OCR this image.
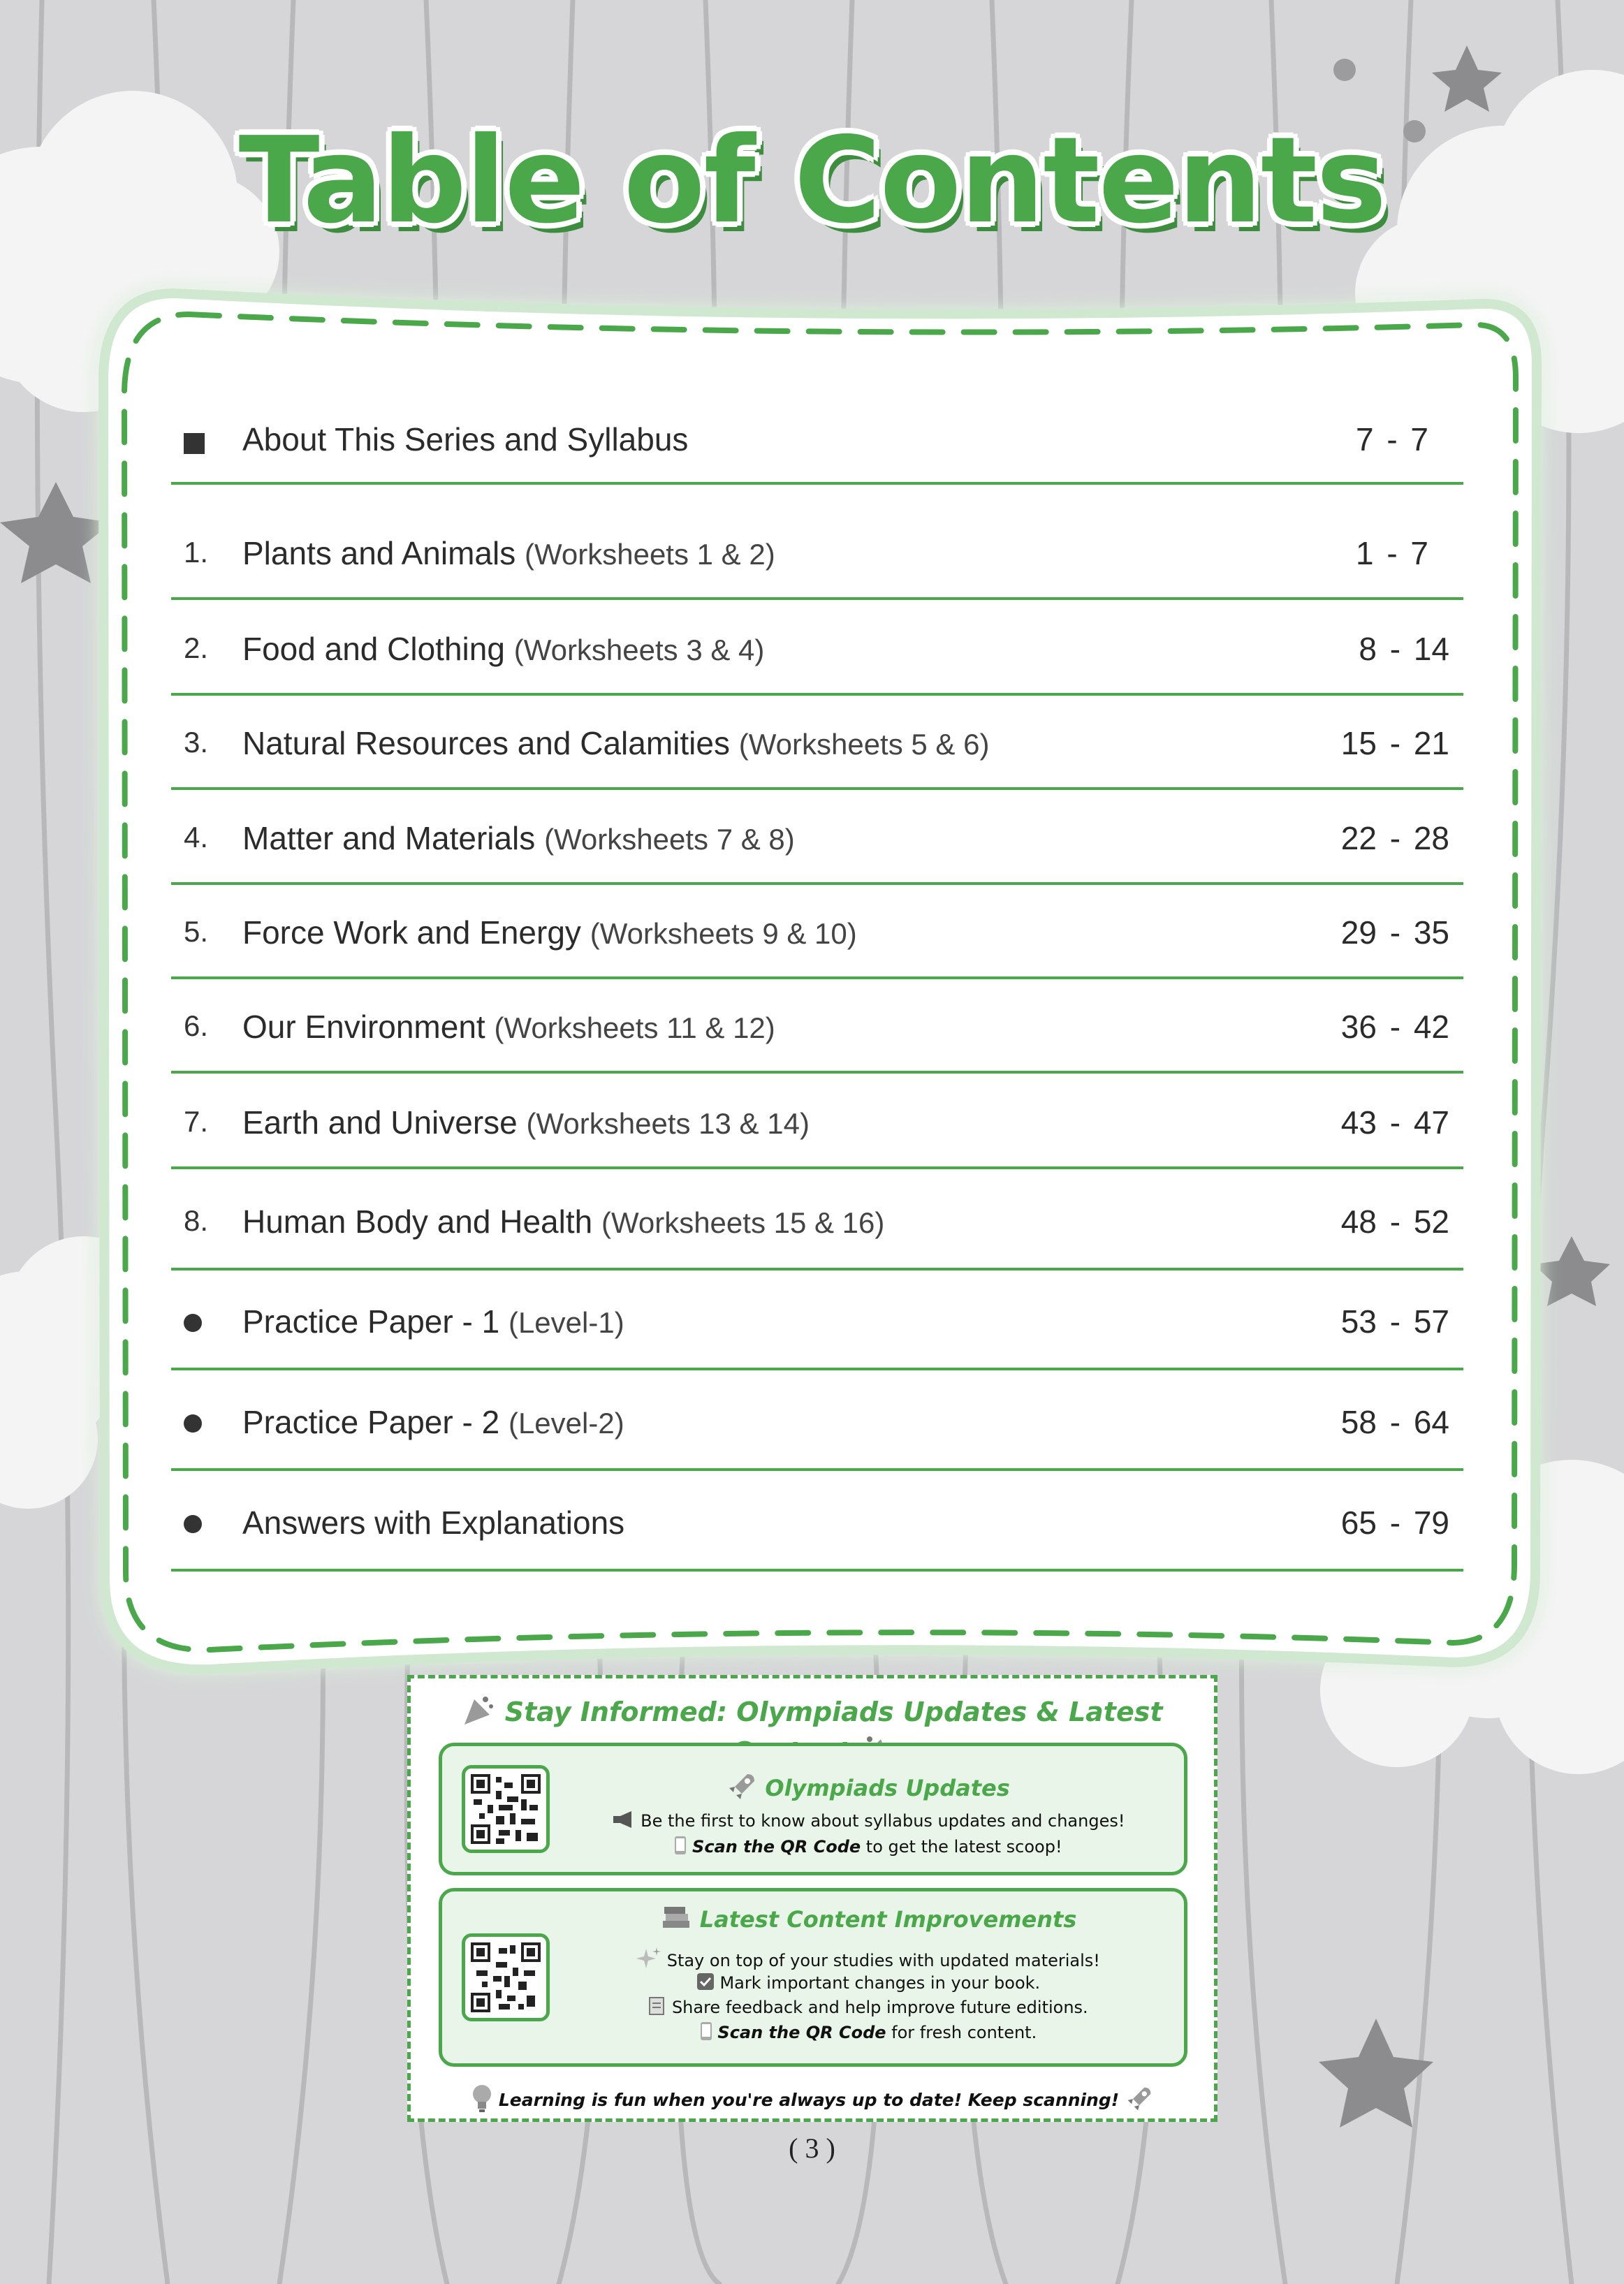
Table of Contents
About This Series and Syllabus	7 - 7
1. Plants and Animals (Worksheets 1 & 2)	1 - 7
2. Food and Clothing (Worksheets 3 & 4)	8 - 14
3. Natural Resources and Calamities (Worksheets 5 & 6)	15 - 21
4. Matter and Materials (Worksheets 7 & 8)	22 - 28
5. Force Work and Energy (Worksheets 9 & 10)	29 - 35
6. Our Environment (Worksheets 11 & 12)	36 - 42
7. Earth and Universe (Worksheets 13 & 14)	43 - 47
8. Human Body and Health (Worksheets 15 & 16)	48 - 52
Practice Paper - 1 (Level-1)	53 - 57
Practice Paper - 2 (Level-2)	58 - 64
Answers with Explanations	65 - 79
Stay Informed: Olympiads Updates & Latest
Olympiads Updates
Be the first to know about syllabus updates and changes!
Scan the QR Code to get the latest scoop!
Latest Content Improvements
Stay on top of your studies with updated materials!
Mark important changes in your book.
Share feedback and help improve future editions.
Scan the QR Code for fresh content.
Learning is fun when you're always up to date! Keep scanning!
( 3 )
